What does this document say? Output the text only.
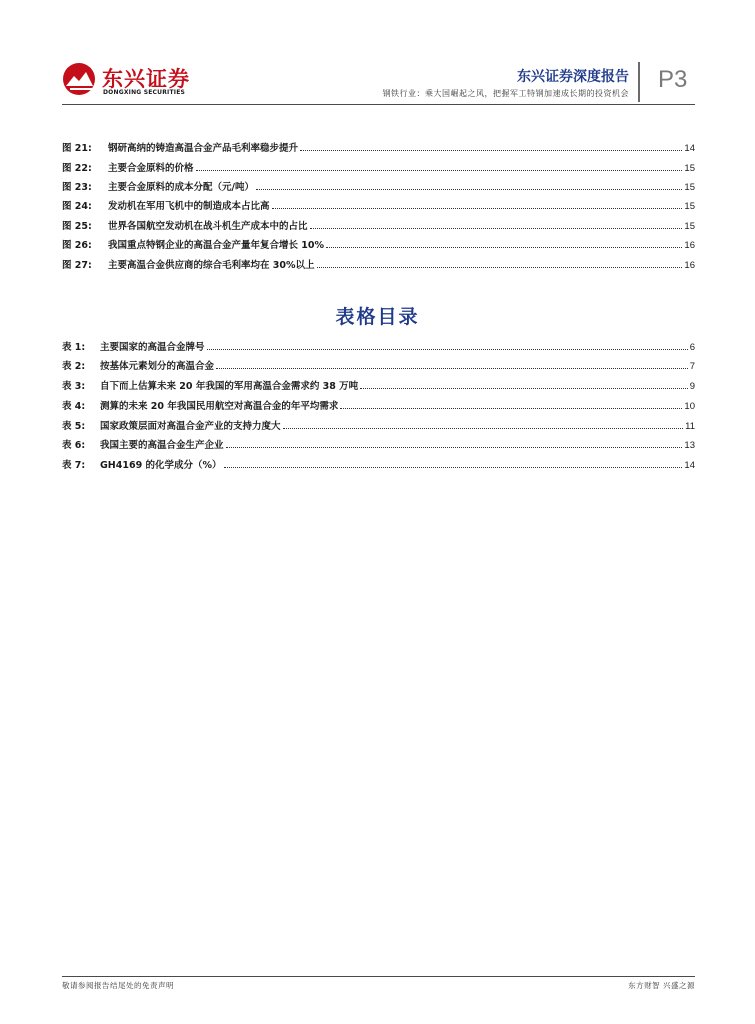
东兴证券
DONGXING SECURITIES
东兴证券深度报告
钢铁行业：乘大国崛起之风，把握军工特钢加速成长期的投资机会
P3
图 21:	钢研高纳的铸造高温合金产品毛利率稳步提升	14
图 22:	主要合金原料的价格	15
图 23:	主要合金原料的成本分配（元/吨）	15
图 24:	发动机在军用飞机中的制造成本占比高	15
图 25:	世界各国航空发动机在战斗机生产成本中的占比	15
图 26:	我国重点特钢企业的高温合金产量年复合增长 10%	16
图 27:	主要高温合金供应商的综合毛利率均在 30%以上	16
表格目录
表 1:	主要国家的高温合金牌号	6
表 2:	按基体元素划分的高温合金	7
表 3:	自下而上估算未来 20 年我国的军用高温合金需求约 38 万吨	9
表 4:	测算的未来 20 年我国民用航空对高温合金的年平均需求	10
表 5:	国家政策层面对高温合金产业的支持力度大	11
表 6:	我国主要的高温合金生产企业	13
表 7:	GH4169 的化学成分（%）	14
敬请参阅报告结尾处的免责声明	东方财智 兴盛之源
